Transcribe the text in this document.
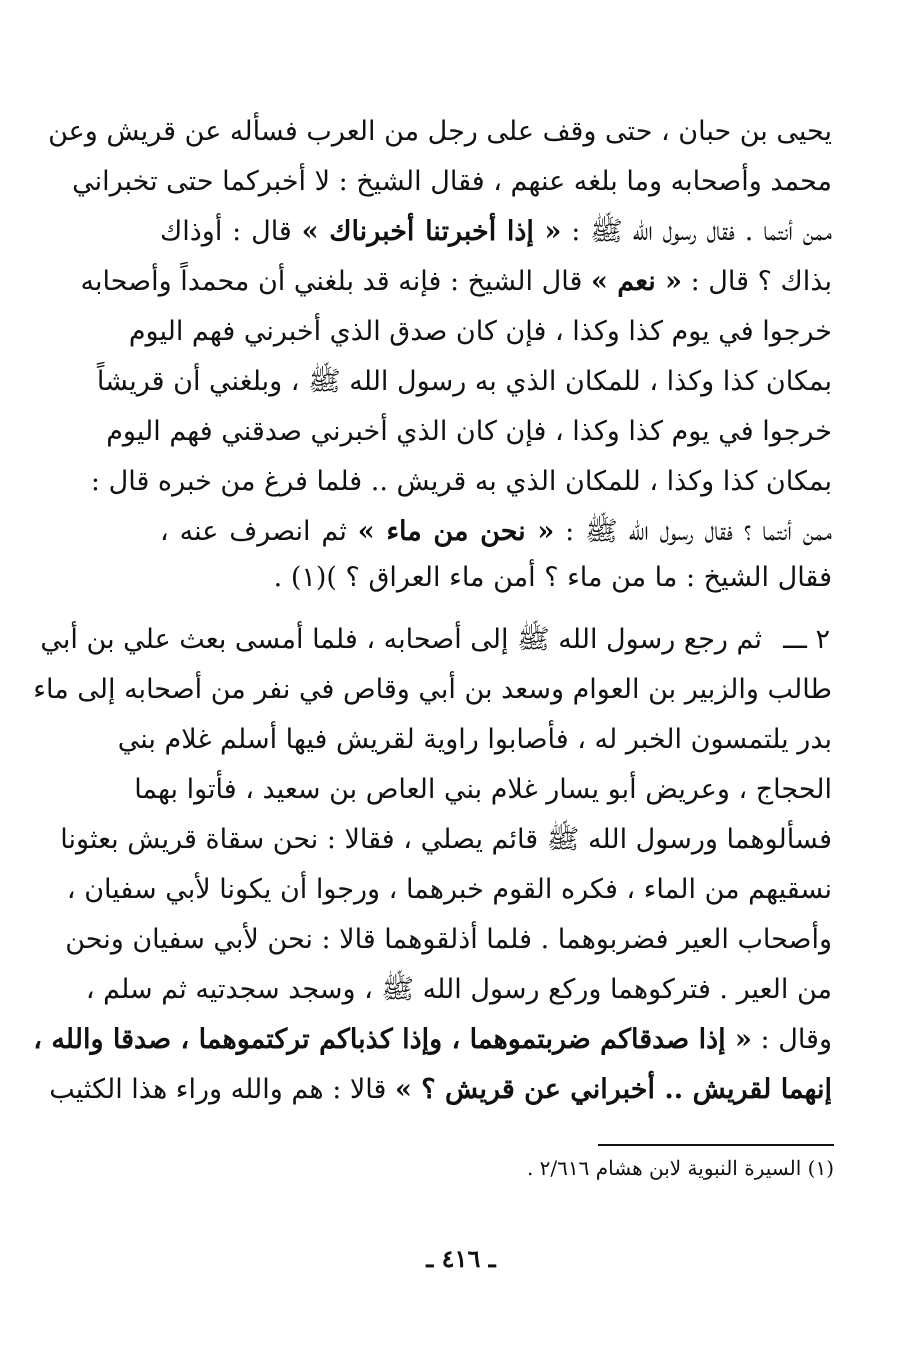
يحيى بن حبان ، حتى وقف على رجل من العرب فسأله عن قريش وعن
محمد وأصحابه وما بلغه عنهم ، فقال الشيخ : لا أخبركما حتى تخبراني
ممن أنتما . فقال رسول الله ﷺ : « إذا أخبرتنا أخبرناك » قال : أوذاك
بذاك ؟ قال : « نعم » قال الشيخ : فإنه قد بلغني أن محمداً وأصحابه
خرجوا في يوم كذا وكذا ، فإن كان صدق الذي أخبرني فهم اليوم
بمكان كذا وكذا ، للمكان الذي به رسول الله ﷺ ، وبلغني أن قريشاً
خرجوا في يوم كذا وكذا ، فإن كان الذي أخبرني صدقني فهم اليوم
بمكان كذا وكذا ، للمكان الذي به قريش .. فلما فرغ من خبره قال :
ممن أنتما ؟ فقال رسول الله ﷺ : « نحن من ماء » ثم انصرف عنه ،
فقال الشيخ : ما من ماء ؟ أمن ماء العراق ؟ )(١) .
٢ ـــ
ثم رجع رسول الله ﷺ إلى أصحابه ، فلما أمسى بعث علي بن أبي
طالب والزبير بن العوام وسعد بن أبي وقاص في نفر من أصحابه إلى ماء
بدر يلتمسون الخبر له ، فأصابوا راوية لقريش فيها أسلم غلام بني
الحجاج ، وعريض أبو يسار غلام بني العاص بن سعيد ، فأتوا بهما
فسألوهما ورسول الله ﷺ قائم يصلي ، فقالا : نحن سقاة قريش بعثونا
نسقيهم من الماء ، فكره القوم خبرهما ، ورجوا أن يكونا لأبي سفيان ،
وأصحاب العير فضربوهما . فلما أذلقوهما قالا : نحن لأبي سفيان ونحن
من العير . فتركوهما وركع رسول الله ﷺ ، وسجد سجدتيه ثم سلم ،
وقال : « إذا صدقاكم ضربتموهما ، وإذا كذباكم تركتموهما ، صدقا والله ،
إنهما لقريش .. أخبراني عن قريش ؟ » قالا : هم والله وراء هذا الكثيب
(١) السيرة النبوية لابن هشام ٢/٦١٦ .
ـ ٤١٦ ـ
